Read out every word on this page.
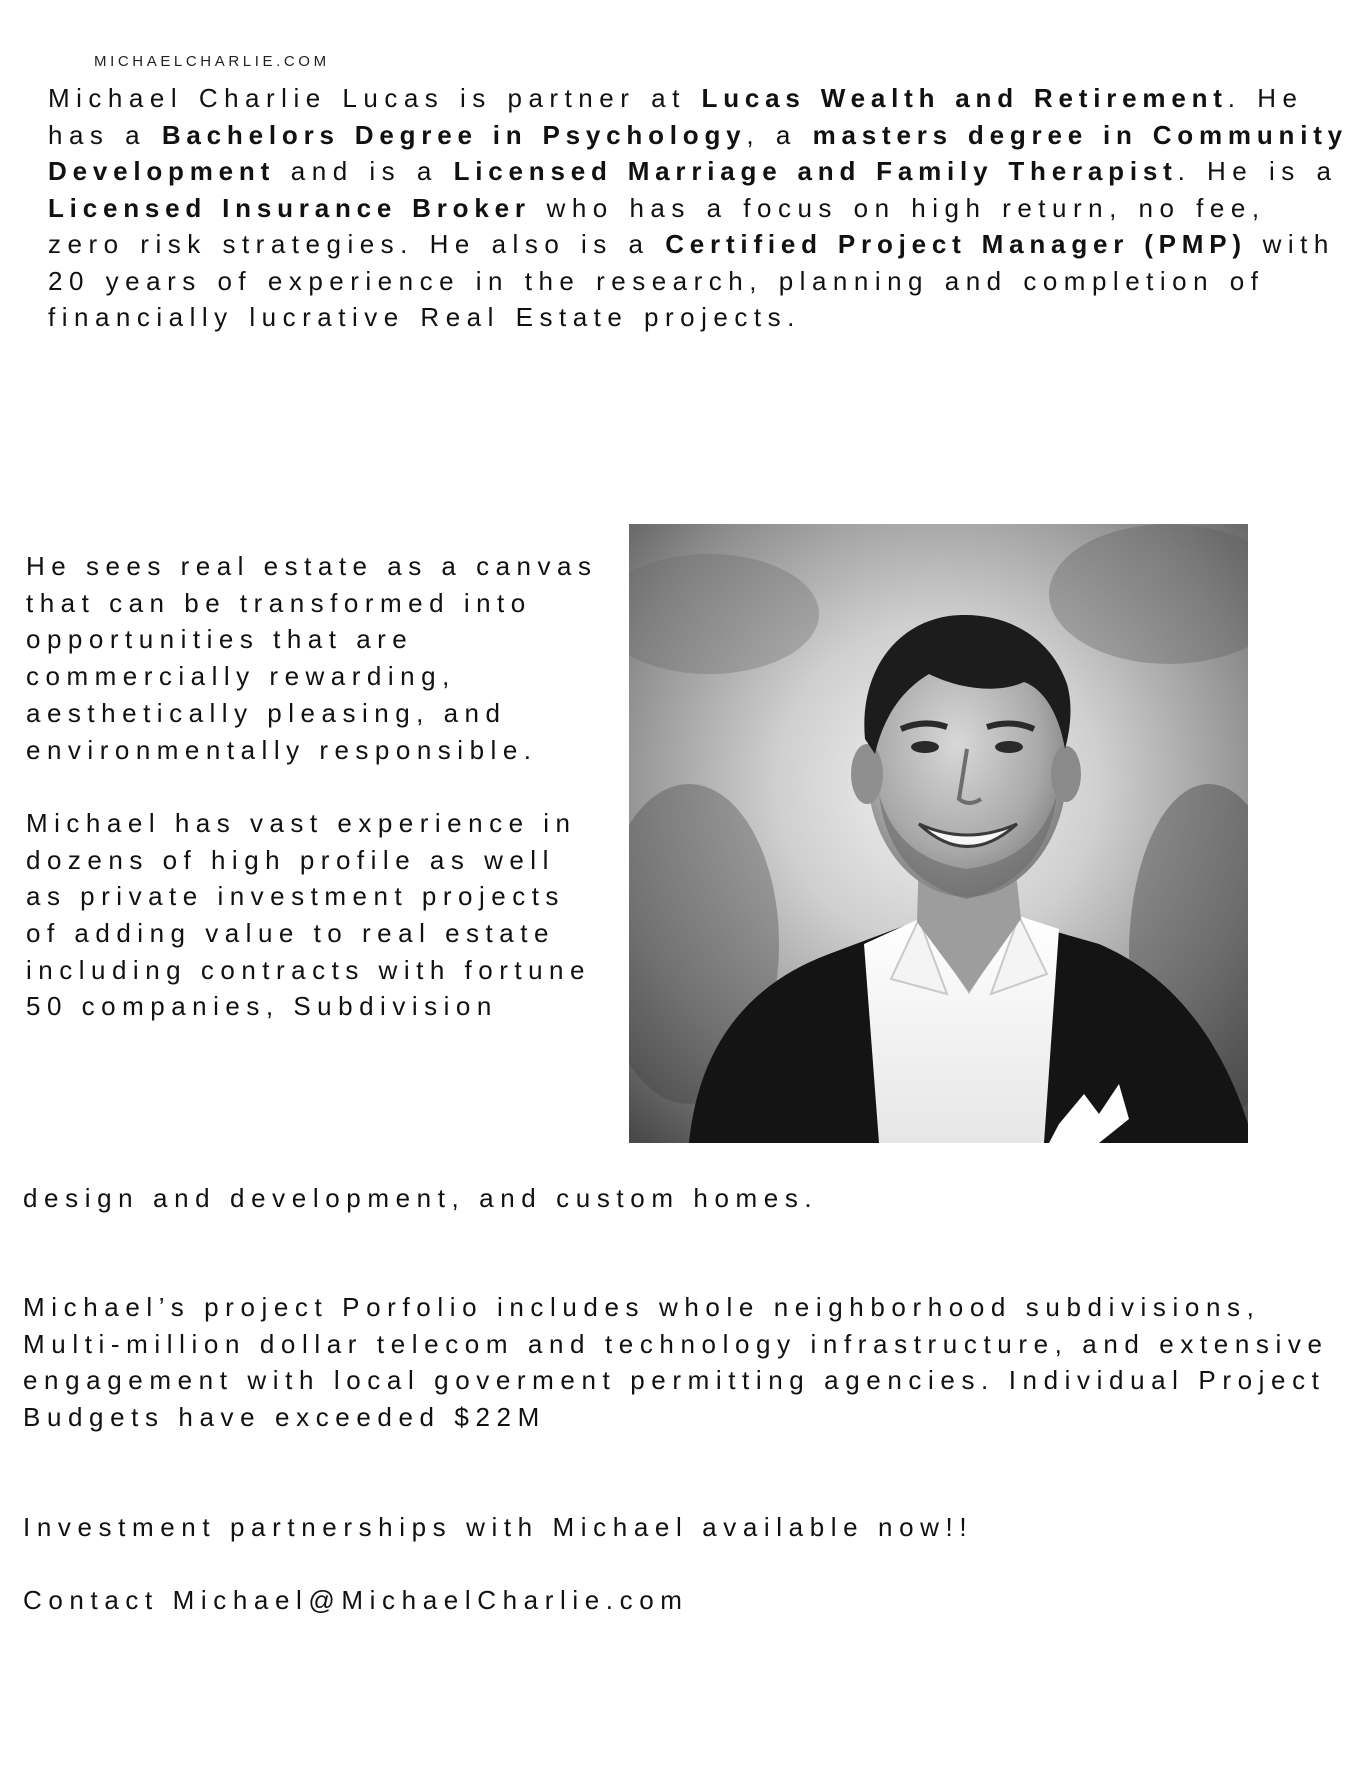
MICHAELCHARLIE.COM

Michael Charlie Lucas is partner at Lucas Wealth and Retirement. He has a Bachelors Degree in Psychology, a masters degree in Community Development and is a Licensed Marriage and Family Therapist. He is a Licensed Insurance Broker who has a focus on high return, no fee, zero risk strategies. He also is a Certified Project Manager (PMP) with 20 years of experience in the research, planning and completion of financially lucrative Real Estate projects.

He sees real estate as a canvas that can be transformed into opportunities that are commercially rewarding, aesthetically pleasing, and environmentally responsible.

Michael has vast experience in dozens of high profile as well as private investment projects of adding value to real estate including contracts with fortune 50 companies, Subdivision

design and development, and custom homes.

Michael’s project Porfolio includes whole neighborhood subdivisions, Multi-million dollar telecom and technology infrastructure, and extensive engagement with local goverment permitting agencies. Individual Project Budgets have exceeded $22M

Investment partnerships with Michael available now!!

Contact Michael@MichaelCharlie.com
